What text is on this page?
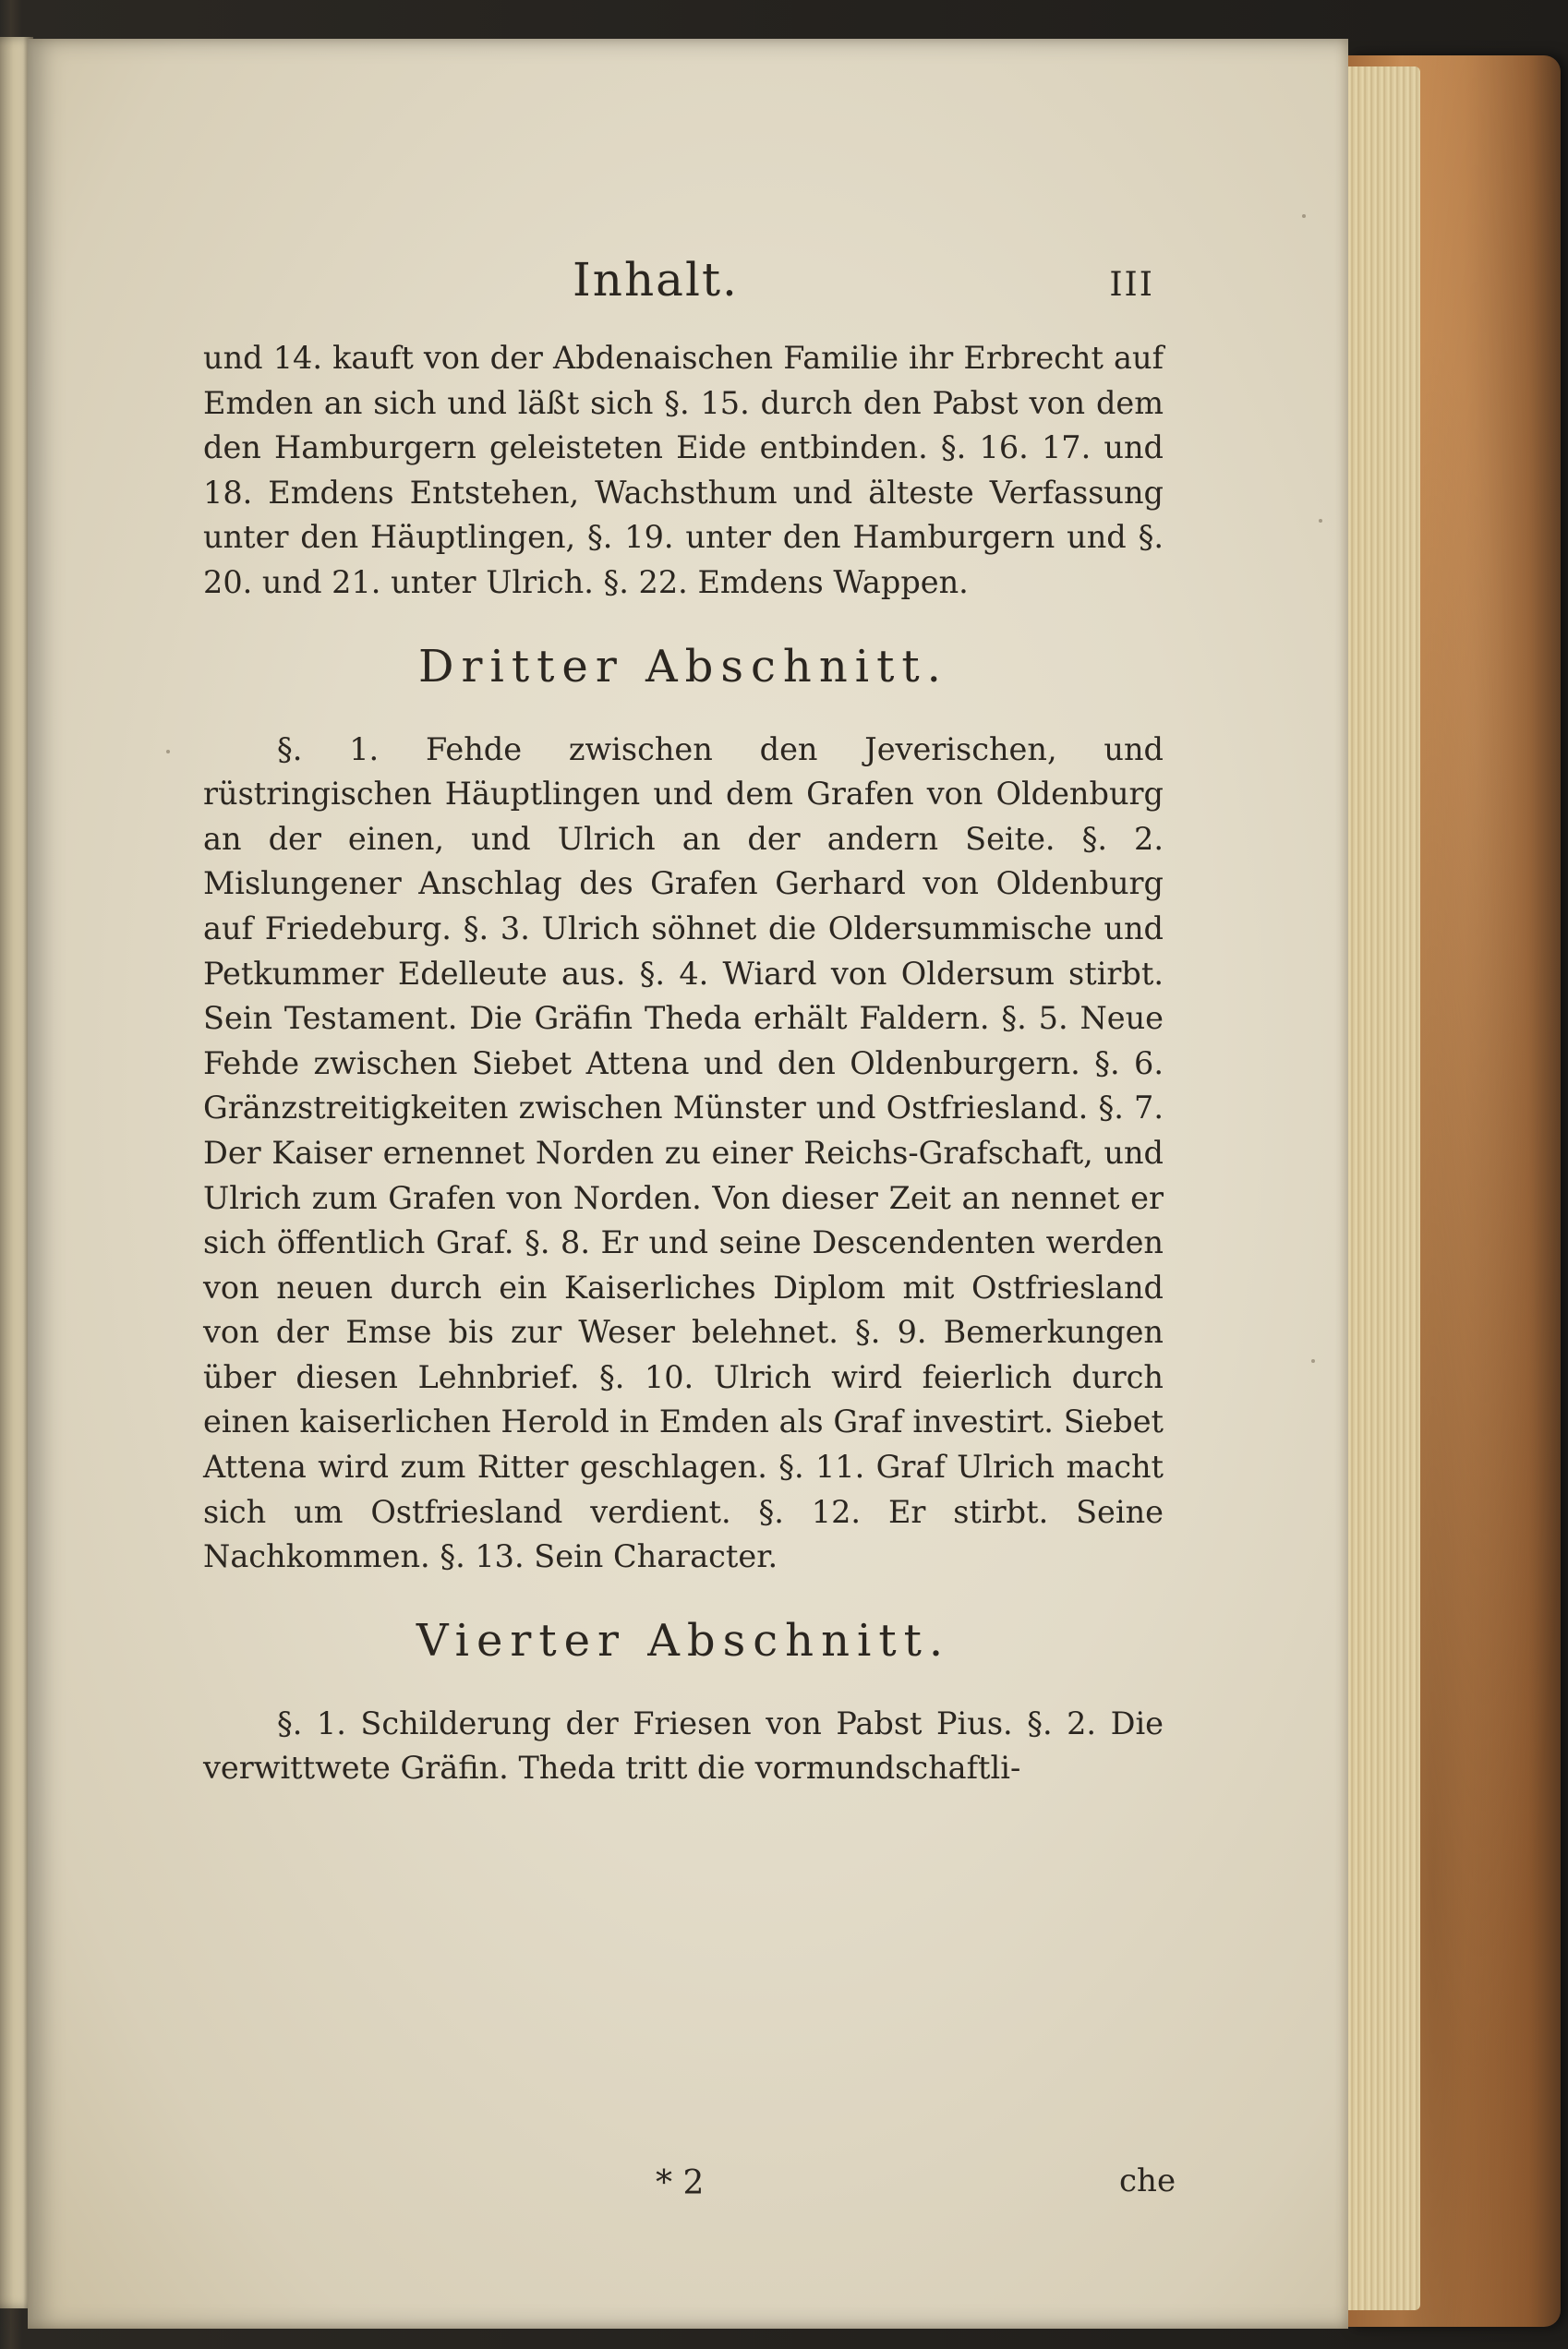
Inhalt.	III

und 14. kauft von der Abdenaischen Familie ihr Erbrecht auf Emden an sich und läßt sich §. 15. durch den Pabst von dem den Hamburgern geleisteten Eide entbinden. §. 16. 17. und 18. Emdens Entstehen, Wachsthum und älteste Verfassung unter den Häuptlingen, §. 19. unter den Hamburgern und §. 20. und 21. unter Ulrich. §. 22. Emdens Wappen.

Dritter Abschnitt.

§. 1. Fehde zwischen den Jeverischen, und rüstringischen Häuptlingen und dem Grafen von Oldenburg an der einen, und Ulrich an der andern Seite. §. 2. Mislungener Anschlag des Grafen Gerhard von Oldenburg auf Friedeburg. §. 3. Ulrich söhnet die Oldersummische und Petkummer Edelleute aus. §. 4. Wiard von Oldersum stirbt. Sein Testament. Die Gräfin Theda erhält Faldern. §. 5. Neue Fehde zwischen Siebet Attena und den Oldenburgern. §. 6. Gränzstreitigkeiten zwischen Münster und Ostfriesland. §. 7. Der Kaiser ernennet Norden zu einer Reichs-Grafschaft, und Ulrich zum Grafen von Norden. Von dieser Zeit an nennet er sich öffentlich Graf. §. 8. Er und seine Descendenten werden von neuen durch ein Kaiserliches Diplom mit Ostfriesland von der Emse bis zur Weser belehnet. §. 9. Bemerkungen über diesen Lehnbrief. §. 10. Ulrich wird feierlich durch einen kaiserlichen Herold in Emden als Graf investirt. Siebet Attena wird zum Ritter geschlagen. §. 11. Graf Ulrich macht sich um Ostfriesland verdient. §. 12. Er stirbt. Seine Nachkommen. §. 13. Sein Character.

Vierter Abschnitt.

§. 1. Schilderung der Friesen von Pabst Pius. §. 2. Die verwittwete Gräfin. Theda tritt die vormundschaftli-

* 2	che
